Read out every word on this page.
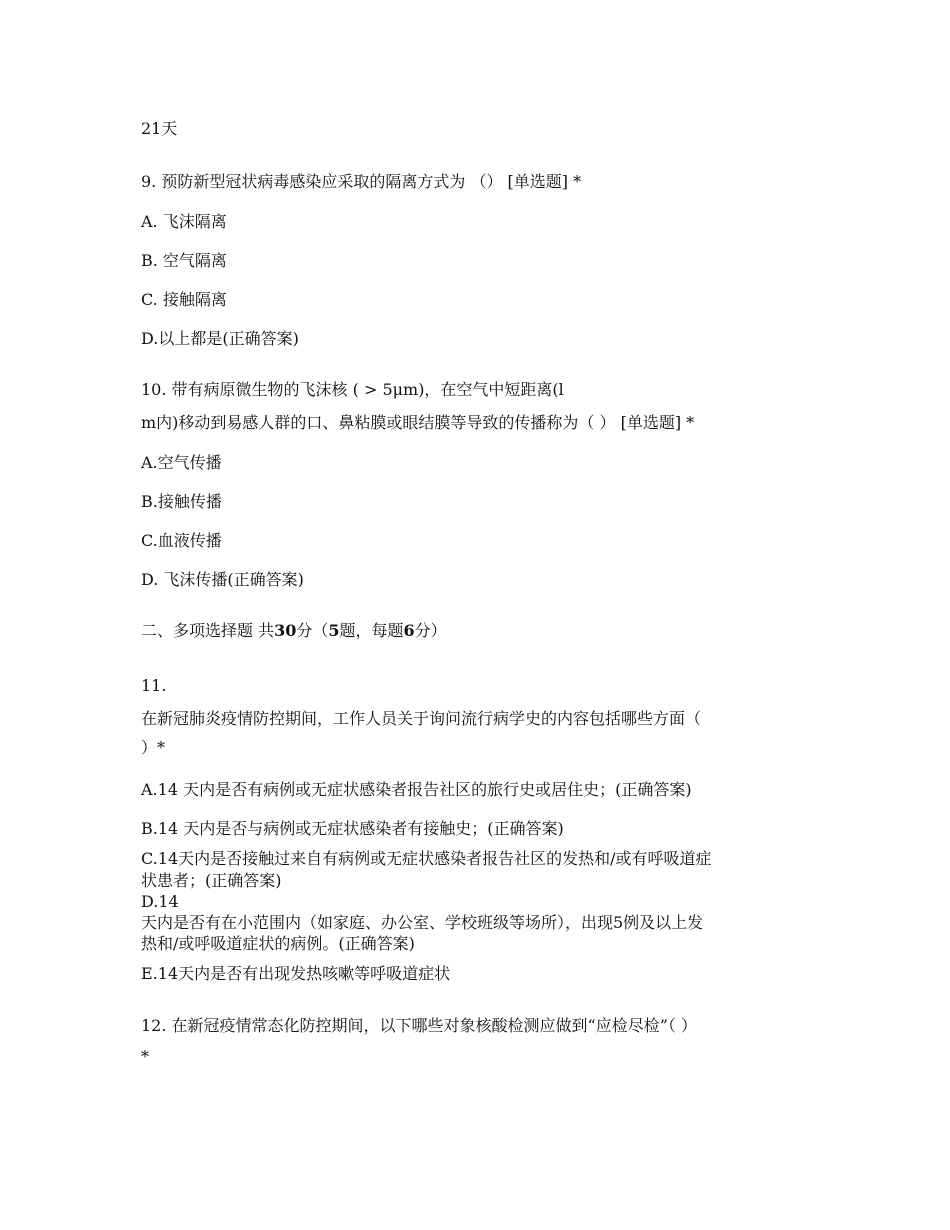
21天
9. 预防新型冠状病毒感染应采取的隔离方式为 （） [单选题] *
A. 飞沫隔离
B. 空气隔离
C. 接触隔离
D.以上都是(正确答案)
10. 带有病原微生物的飞沫核 ( > 5μm)，在空气中短距离(l
m内)移动到易感人群的口、鼻粘膜或眼结膜等导致的传播称为（ ） [单选题] *
A.空气传播
B.接触传播
C.血液传播
D. 飞沫传播(正确答案)
二、多项选择题 共30分（5题，每题6分）
11.
在新冠肺炎疫情防控期间，工作人员关于询问流行病学史的内容包括哪些方面（
）*
A.14 天内是否有病例或无症状感染者报告社区的旅行史或居住史；(正确答案)
B.14 天内是否与病例或无症状感染者有接触史；(正确答案)
C.14天内是否接触过来自有病例或无症状感染者报告社区的发热和/或有呼吸道症
状患者；(正确答案)
D.14
天内是否有在小范围内（如家庭、办公室、学校班级等场所），出现5例及以上发
热和/或呼吸道症状的病例。(正确答案)
E.14天内是否有出现发热咳嗽等呼吸道症状
12. 在新冠疫情常态化防控期间，以下哪些对象核酸检测应做到“应检尽检”（ ）
*
